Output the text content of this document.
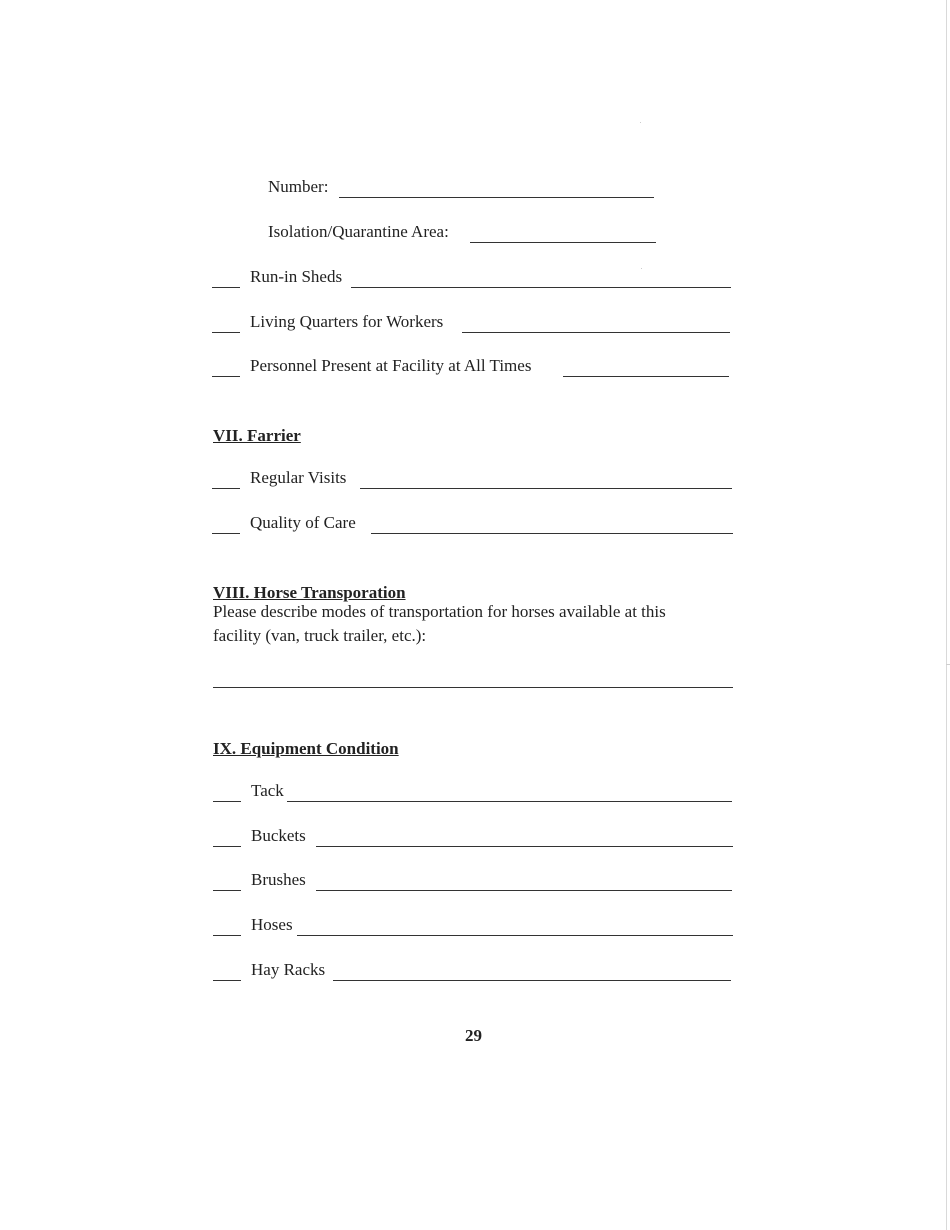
Number:
Isolation/Quarantine Area:
Run-in Sheds
Living Quarters for Workers
Personnel Present at Facility at All Times
VII. Farrier
Regular Visits
Quality of Care
VIII. Horse Transporation
Please describe modes of transportation for horses available at this
facility (van, truck trailer, etc.):
IX. Equipment Condition
Tack
Buckets
Brushes
Hoses
Hay Racks
29
